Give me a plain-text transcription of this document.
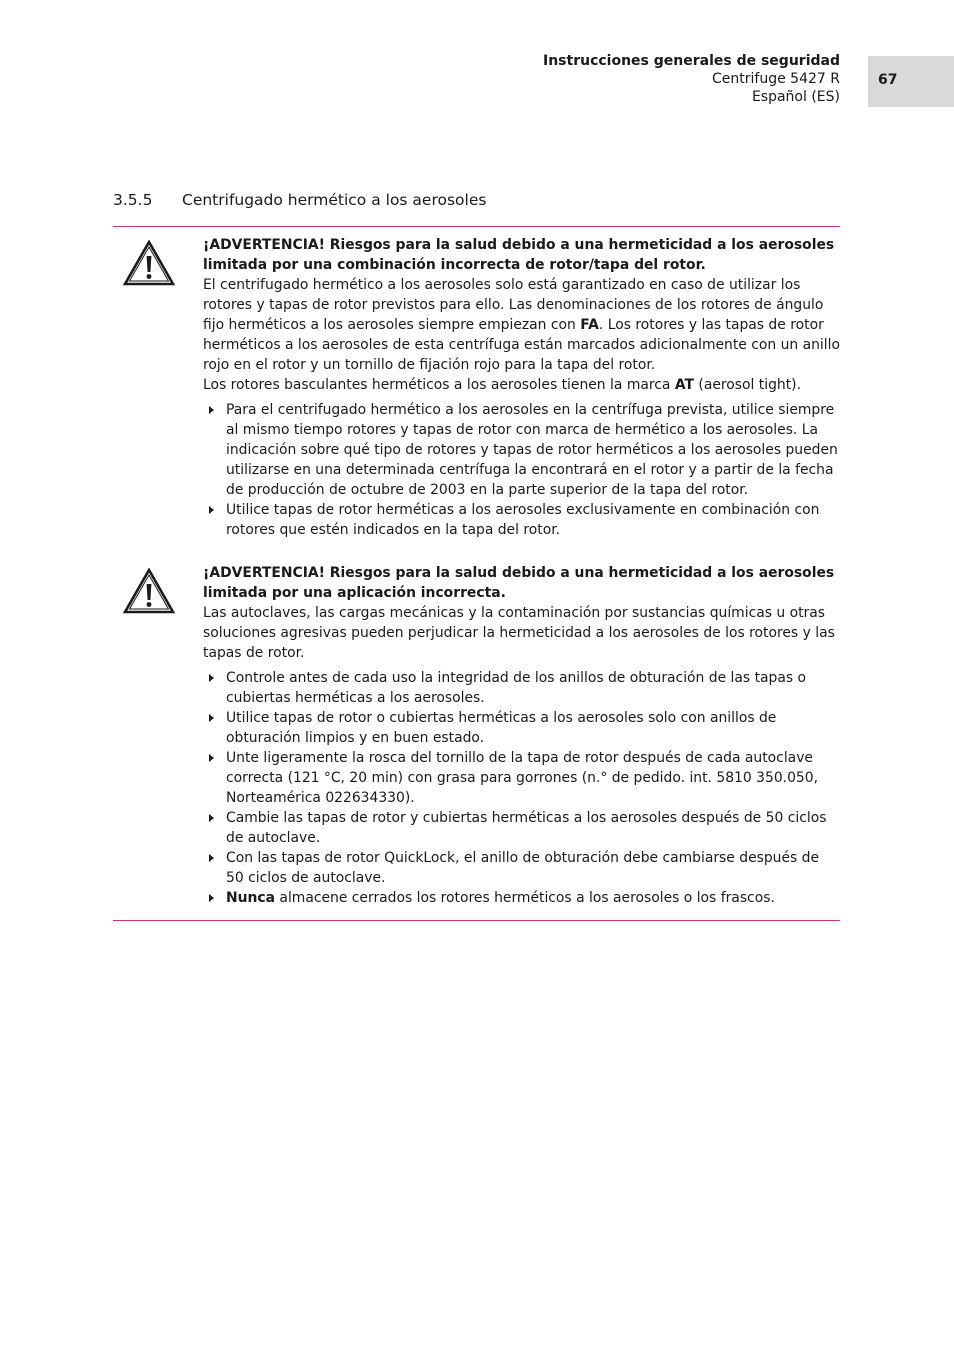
Instrucciones generales de seguridad
Centrifuge 5427 R
Español (ES)
67
3.5.5 Centrifugado hermético a los aerosoles

¡ADVERTENCIA! Riesgos para la salud debido a una hermeticidad a los aerosoles limitada por una combinación incorrecta de rotor/tapa del rotor.

El centrifugado hermético a los aerosoles solo está garantizado en caso de utilizar los rotores y tapas de rotor previstos para ello. Las denominaciones de los rotores de ángulo fijo herméticos a los aerosoles siempre empiezan con FA. Los rotores y las tapas de rotor herméticos a los aerosoles de esta centrífuga están marcados adicionalmente con un anillo rojo en el rotor y un tornillo de fijación rojo para la tapa del rotor.

Los rotores basculantes herméticos a los aerosoles tienen la marca AT (aerosol tight).

Para el centrifugado hermético a los aerosoles en la centrífuga prevista, utilice siempre al mismo tiempo rotores y tapas de rotor con marca de hermético a los aerosoles. La indicación sobre qué tipo de rotores y tapas de rotor herméticos a los aerosoles pueden utilizarse en una determinada centrífuga la encontrará en el rotor y a partir de la fecha de producción de octubre de 2003 en la parte superior de la tapa del rotor.
Utilice tapas de rotor herméticas a los aerosoles exclusivamente en combinación con rotores que estén indicados en la tapa del rotor.

¡ADVERTENCIA! Riesgos para la salud debido a una hermeticidad a los aerosoles limitada por una aplicación incorrecta.

Las autoclaves, las cargas mecánicas y la contaminación por sustancias químicas u otras soluciones agresivas pueden perjudicar la hermeticidad a los aerosoles de los rotores y las tapas de rotor.

Controle antes de cada uso la integridad de los anillos de obturación de las tapas o cubiertas herméticas a los aerosoles.
Utilice tapas de rotor o cubiertas herméticas a los aerosoles solo con anillos de obturación limpios y en buen estado.
Unte ligeramente la rosca del tornillo de la tapa de rotor después de cada autoclave correcta (121 °C, 20 min) con grasa para gorrones (n.° de pedido. int. 5810 350.050, Norteamérica 022634330).
Cambie las tapas de rotor y cubiertas herméticas a los aerosoles después de 50 ciclos de autoclave.
Con las tapas de rotor QuickLock, el anillo de obturación debe cambiarse después de 50 ciclos de autoclave.
Nunca almacene cerrados los rotores herméticos a los aerosoles o los frascos.
